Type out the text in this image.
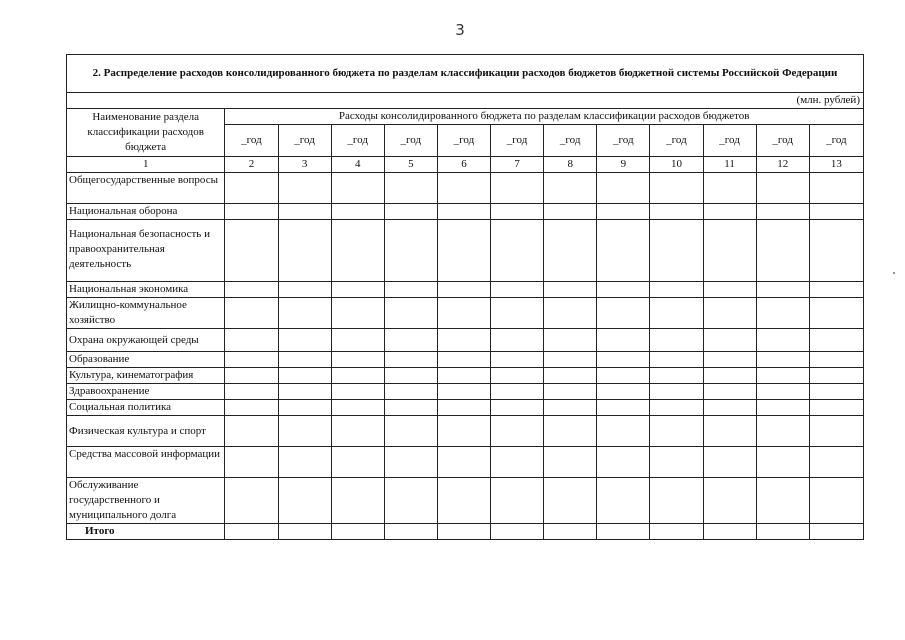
3
2. Распределение расходов консолидированного бюджета по разделам классификации расходов бюджетов бюджетной системы Российской Федерации												
(млн. рублей)												
Наименование раздела классификации расходов бюджета	Расходы консолидированного бюджета по разделам классификации расходов бюджетов											
	_год	_год	_год	_год	_год	_год	_год	_год	_год	_год	_год	_год
1	2	3	4	5	6	7	8	9	10	11	12	13
Общегосударственные вопросы												
Национальная оборона												
Национальная безопасность и правоохранительная деятельность												
Национальная экономика												
Жилищно-коммунальное хозяйство												
Охрана окружающей среды												
Образование												
Культура, кинематография												
Здравоохранение												
Социальная политика												
Физическая культура и спорт												
Средства массовой информации												
Обслуживание государственного и муниципального долга												
Итого												
